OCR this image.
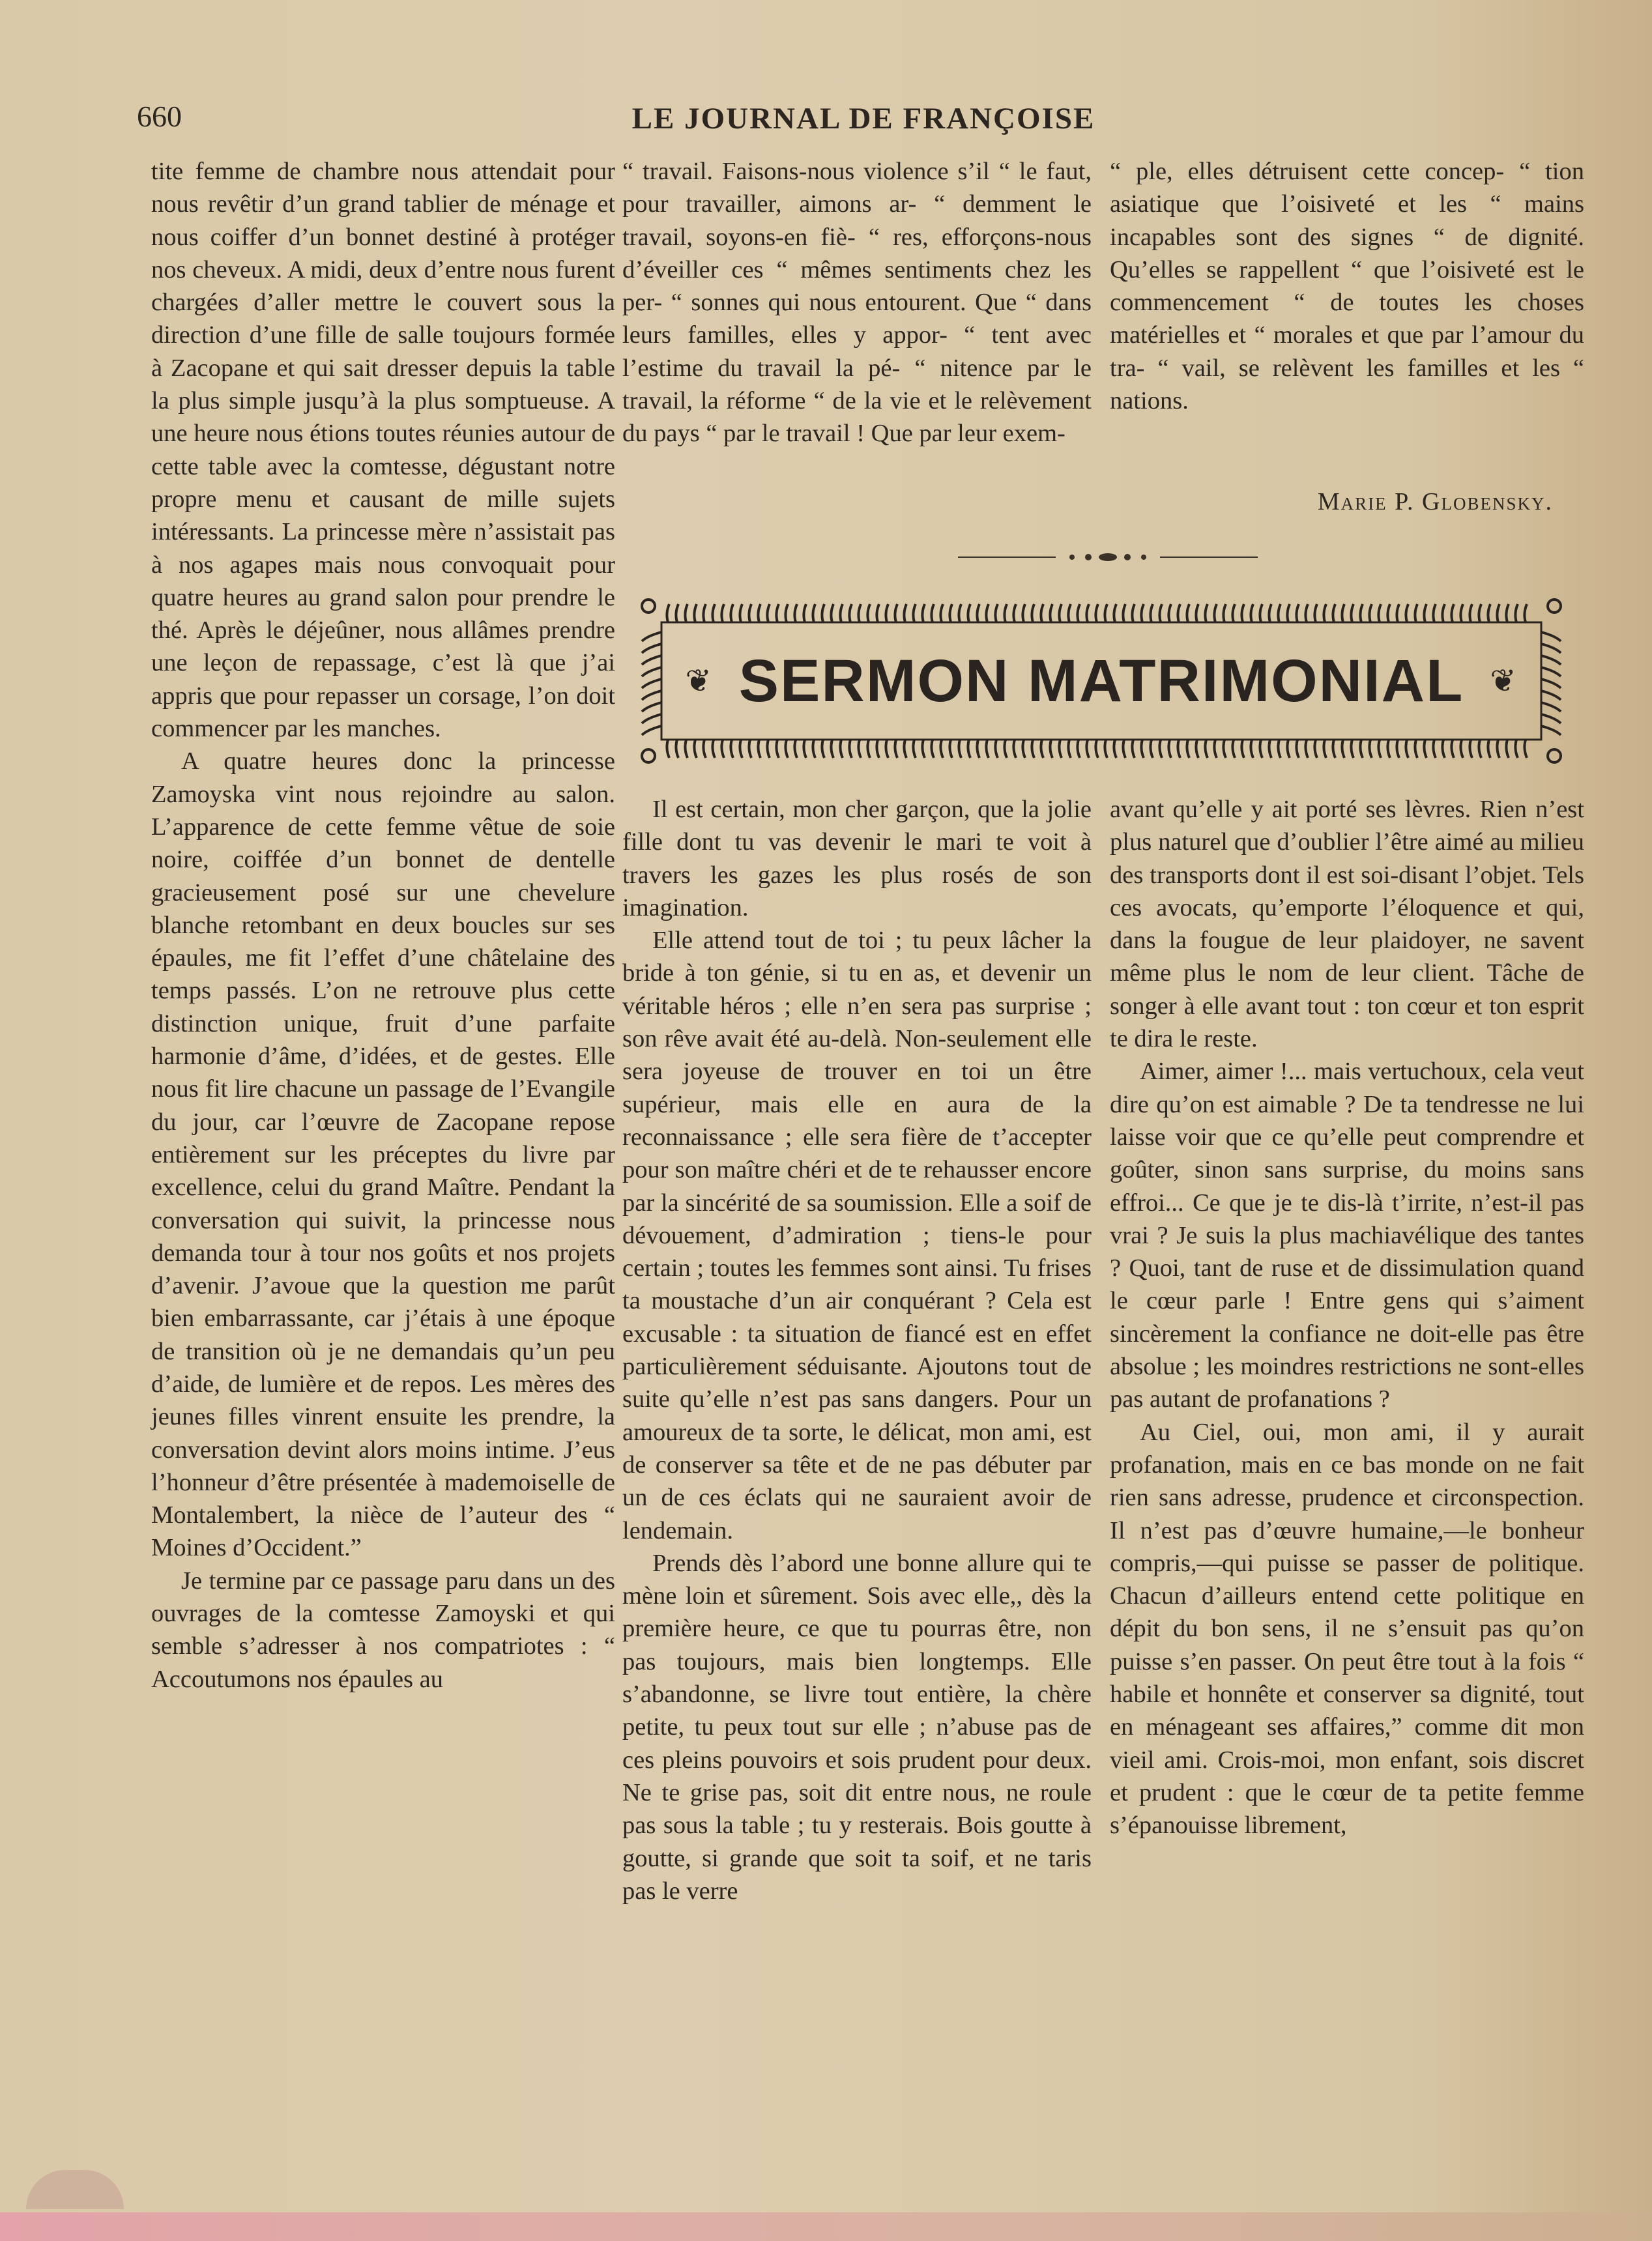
660	LE JOURNAL DE FRANÇOISE

tite femme de chambre nous attendait pour nous revêtir d’un grand tablier de ménage et nous coiffer d’un bonnet destiné à protéger nos cheveux. A midi, deux d’entre nous furent chargées d’aller mettre le couvert sous la direction d’une fille de salle toujours formée à Zacopane et qui sait dresser depuis la table la plus simple jusqu’à la plus somptueuse. A une heure nous étions toutes réunies autour de cette table avec la comtesse, dégustant notre propre menu et causant de mille sujets intéressants. La princesse mère n’assistait pas à nos agapes mais nous convoquait pour quatre heures au grand salon pour prendre le thé. Après le déjeûner, nous allâmes prendre une leçon de repassage, c’est là que j’ai appris que pour repasser un corsage, l’on doit commencer par les manches.

A quatre heures donc la princesse Zamoyska vint nous rejoindre au salon. L’apparence de cette femme vêtue de soie noire, coiffée d’un bonnet de dentelle gracieusement posé sur une chevelure blanche retombant en deux boucles sur ses épaules, me fit l’effet d’une châtelaine des temps passés. L’on ne retrouve plus cette distinction unique, fruit d’une parfaite harmonie d’âme, d’idées, et de gestes. Elle nous fit lire chacune un passage de l’Evangile du jour, car l’œuvre de Zacopane repose entièrement sur les préceptes du livre par excellence, celui du grand Maître. Pendant la conversation qui suivit, la princesse nous demanda tour à tour nos goûts et nos projets d’avenir. J’avoue que la question me parût bien embarrassante, car j’étais à une époque de transition où je ne demandais qu’un peu d’aide, de lumière et de repos. Les mères des jeunes filles vinrent ensuite les prendre, la conversation devint alors moins intime. J’eus l’honneur d’être présentée à mademoiselle de Montalembert, la nièce de l’auteur des “ Moines d’Occident.”

Je termine par ce passage paru dans un des ouvrages de la comtesse Zamoyski et qui semble s’adresser à nos compatriotes : “ Accoutumons nos épaules au

“ travail. Faisons-nous violence s’il “ le faut, pour travailler, aimons ar- “ demment le travail, soyons-en fiè- “ res, efforçons-nous d’éveiller ces “ mêmes sentiments chez les per- “ sonnes qui nous entourent. Que “ dans leurs familles, elles y appor- “ tent avec l’estime du travail la pé- “ nitence par le travail, la réforme “ de la vie et le relèvement du pays “ par le travail ! Que par leur exem-

“ ple, elles détruisent cette concep- “ tion asiatique que l’oisiveté et les “ mains incapables sont des signes “ de dignité. Qu’elles se rappellent “ que l’oisiveté est le commencement “ de toutes les choses matérielles et “ morales et que par l’amour du tra- “ vail, se relèvent les familles et les “ nations.

Marie P. Globensky.
❦ SERMON MATRIMONIAL ❦

Il est certain, mon cher garçon, que la jolie fille dont tu vas devenir le mari te voit à travers les gazes les plus rosés de son imagination.

Elle attend tout de toi ; tu peux lâcher la bride à ton génie, si tu en as, et devenir un véritable héros ; elle n’en sera pas surprise ; son rêve avait été au-delà. Non-seulement elle sera joyeuse de trouver en toi un être supérieur, mais elle en aura de la reconnaissance ; elle sera fière de t’accepter pour son maître chéri et de te rehausser encore par la sincérité de sa soumission. Elle a soif de dévouement, d’admiration ; tiens-le pour certain ; toutes les femmes sont ainsi. Tu frises ta moustache d’un air conquérant ? Cela est excusable : ta situation de fiancé est en effet particulièrement séduisante. Ajoutons tout de suite qu’elle n’est pas sans dangers. Pour un amoureux de ta sorte, le délicat, mon ami, est de conserver sa tête et de ne pas débuter par un de ces éclats qui ne sauraient avoir de lendemain.

Prends dès l’abord une bonne allure qui te mène loin et sûrement. Sois avec elle,, dès la première heure, ce que tu pourras être, non pas toujours, mais bien longtemps. Elle s’abandonne, se livre tout entière, la chère petite, tu peux tout sur elle ; n’abuse pas de ces pleins pouvoirs et sois prudent pour deux. Ne te grise pas, soit dit entre nous, ne roule pas sous la table ; tu y resterais. Bois goutte à goutte, si grande que soit ta soif, et ne taris pas le verre

avant qu’elle y ait porté ses lèvres. Rien n’est plus naturel que d’oublier l’être aimé au milieu des transports dont il est soi-disant l’objet. Tels ces avocats, qu’emporte l’éloquence et qui, dans la fougue de leur plaidoyer, ne savent même plus le nom de leur client. Tâche de songer à elle avant tout : ton cœur et ton esprit te dira le reste.

Aimer, aimer !... mais vertuchoux, cela veut dire qu’on est aimable ? De ta tendresse ne lui laisse voir que ce qu’elle peut comprendre et goûter, sinon sans surprise, du moins sans effroi... Ce que je te dis-là t’irrite, n’est-il pas vrai ? Je suis la plus machiavélique des tantes ? Quoi, tant de ruse et de dissimulation quand le cœur parle ! Entre gens qui s’aiment sincèrement la confiance ne doit-elle pas être absolue ; les moindres restrictions ne sont-elles pas autant de profanations ?

Au Ciel, oui, mon ami, il y aurait profanation, mais en ce bas monde on ne fait rien sans adresse, prudence et circonspection. Il n’est pas d’œuvre humaine,—le bonheur compris,—qui puisse se passer de politique. Chacun d’ailleurs entend cette politique en dépit du bon sens, il ne s’ensuit pas qu’on puisse s’en passer. On peut être tout à la fois “ habile et honnête et conserver sa dignité, tout en ménageant ses affaires,” comme dit mon vieil ami. Crois-moi, mon enfant, sois discret et prudent : que le cœur de ta petite femme s’épanouisse librement,
